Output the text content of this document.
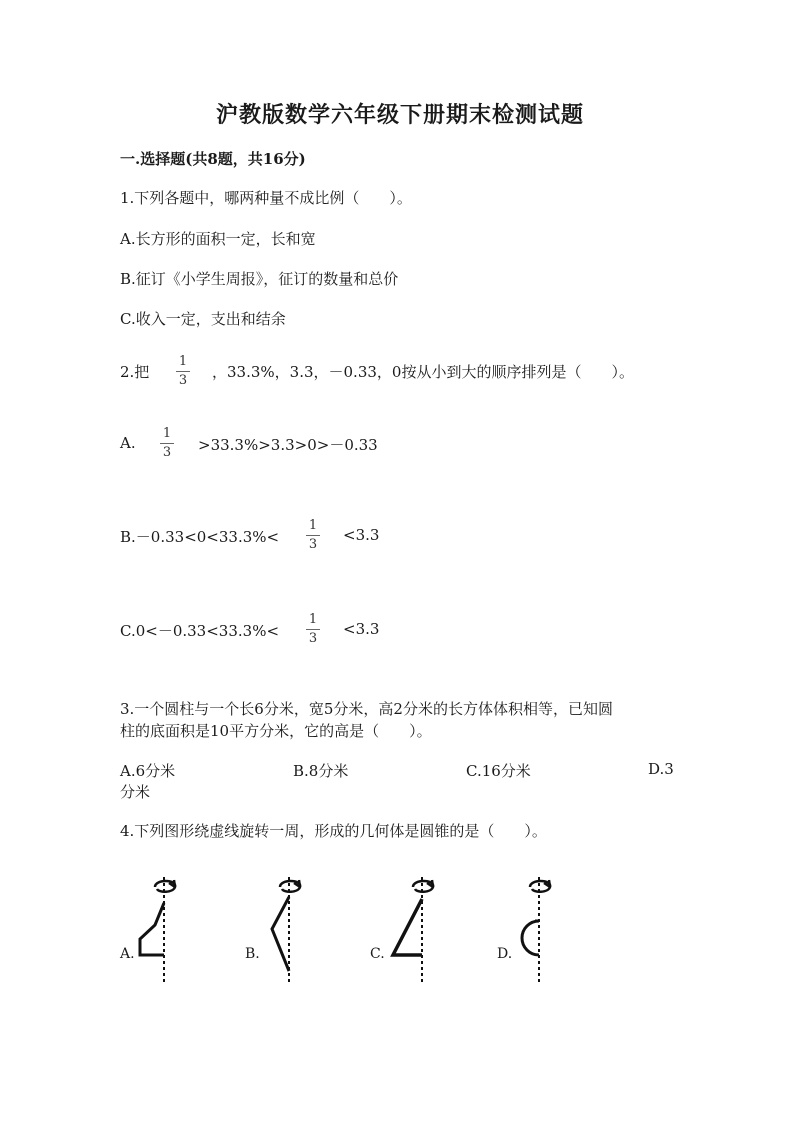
沪教版数学六年级下册期末检测试题
一.选择题(共8题，共16分)
1.下列各题中，哪两种量不成比例（　　）。
A.长方形的面积一定，长和宽
B.征订《小学生周报》，征订的数量和总价
C.收入一定，支出和结余
2.把
1
3 ，33.3%，3.3，－0.33，0按从小到大的顺序排列是（　　）。
A.
1
3 >33.3%>3.3>0>－0.33
B.－0.33<0<33.3%<
1
3
<3.3
C.0<－0.33<33.3%<
1
3
<3.3
3.一个圆柱与一个长6分米，宽5分米，高2分米的长方体体积相等，已知圆
柱的底面积是10平方分米，它的高是（　　）。
A.6分米	B.8分米	C.16分米	D.3
分米
4.下列图形绕虚线旋转一周，形成的几何体是圆锥的是（　　）。
A.	B.	C.	D.
